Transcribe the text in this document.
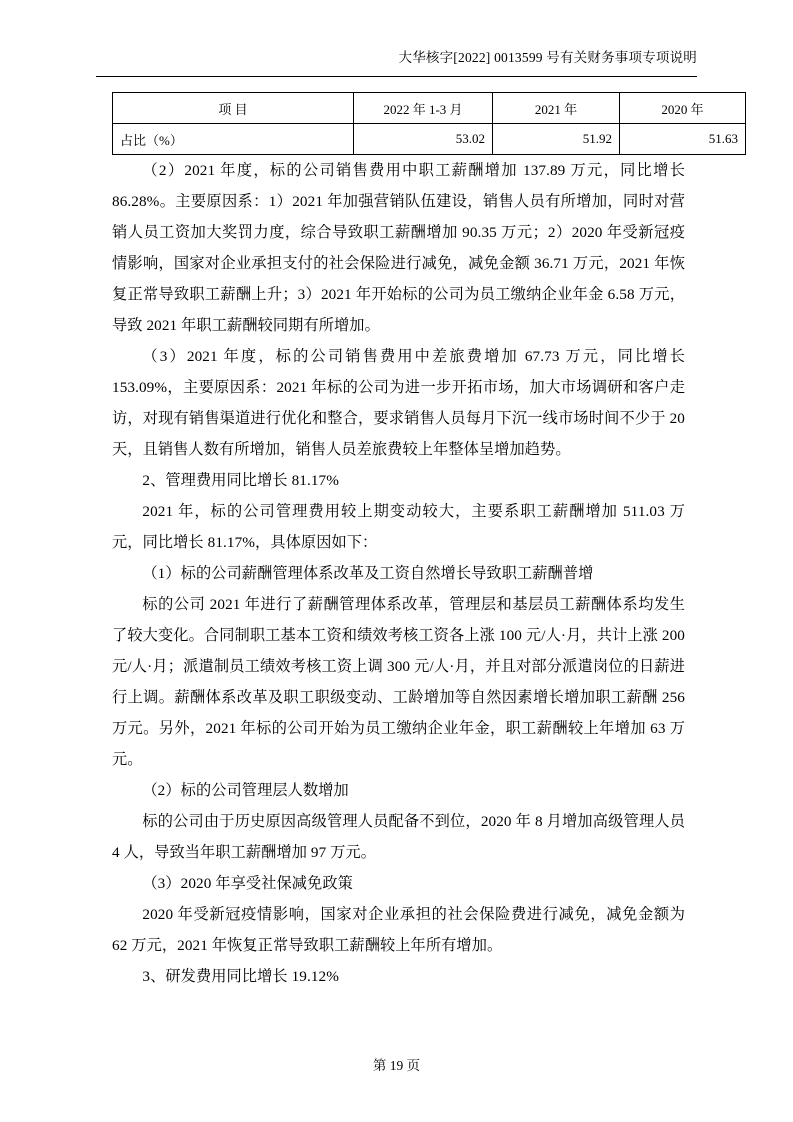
大华核字[2022] 0013599 号有关财务事项专项说明
项 目	2022 年 1-3 月	2021 年	2020 年
占比（%）	53.02	51.92	51.63

（2）2021 年度，标的公司销售费用中职工薪酬增加 137.89 万元，同比增长 86.28%。主要原因系：1）2021 年加强营销队伍建设，销售人员有所增加，同时对营销人员工资加大奖罚力度，综合导致职工薪酬增加 90.35 万元；2）2020 年受新冠疫情影响，国家对企业承担支付的社会保险进行减免，减免金额 36.71 万元，2021 年恢复正常导致职工薪酬上升；3）2021 年开始标的公司为员工缴纳企业年金 6.58 万元，导致 2021 年职工薪酬较同期有所增加。

（3）2021 年度，标的公司销售费用中差旅费增加 67.73 万元，同比增长 153.09%，主要原因系：2021 年标的公司为进一步开拓市场，加大市场调研和客户走访，对现有销售渠道进行优化和整合，要求销售人员每月下沉一线市场时间不少于 20 天，且销售人数有所增加，销售人员差旅费较上年整体呈增加趋势。

2、管理费用同比增长 81.17%

2021 年，标的公司管理费用较上期变动较大，主要系职工薪酬增加 511.03 万元，同比增长 81.17%，具体原因如下：

（1）标的公司薪酬管理体系改革及工资自然增长导致职工薪酬普增

标的公司 2021 年进行了薪酬管理体系改革，管理层和基层员工薪酬体系均发生了较大变化。合同制职工基本工资和绩效考核工资各上涨 100 元/人·月，共计上涨 200 元/人·月；派遣制员工绩效考核工资上调 300 元/人·月，并且对部分派遣岗位的日薪进行上调。薪酬体系改革及职工职级变动、工龄增加等自然因素增长增加职工薪酬 256 万元。另外，2021 年标的公司开始为员工缴纳企业年金，职工薪酬较上年增加 63 万元。

（2）标的公司管理层人数增加

标的公司由于历史原因高级管理人员配备不到位，2020 年 8 月增加高级管理人员 4 人，导致当年职工薪酬增加 97 万元。

（3）2020 年享受社保减免政策

2020 年受新冠疫情影响，国家对企业承担的社会保险费进行减免，减免金额为 62 万元，2021 年恢复正常导致职工薪酬较上年所有增加。

3、研发费用同比增长 19.12%

第 19 页
